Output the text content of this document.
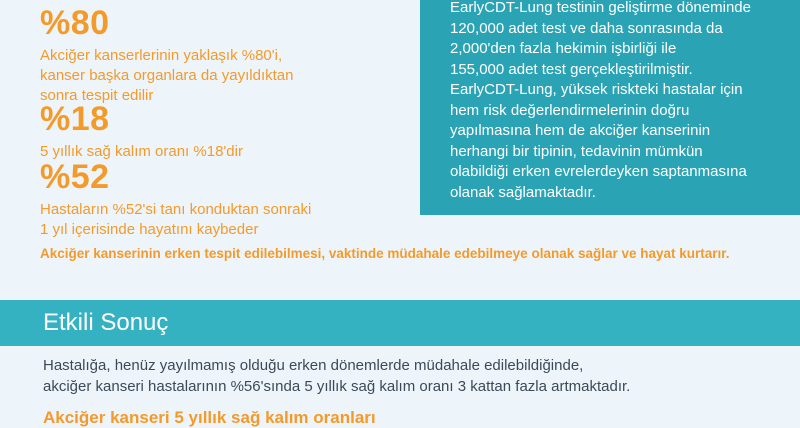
%80
Akciğer kanserlerinin yaklaşık %80'i,
kanser başka organlara da yayıldıktan
sonra tespit edilir
%18
5 yıllık sağ kalım oranı %18'dir
%52
Hastaların %52'si tanı konduktan sonraki
1 yıl içerisinde hayatını kaybeder
EarlyCDT-Lung testinin geliştirme döneminde
120,000 adet test ve daha sonrasında da
2,000'den fazla hekimin işbirliği ile
155,000 adet test gerçekleştirilmiştir.
EarlyCDT-Lung, yüksek riskteki hastalar için
hem risk değerlendirmelerinin doğru
yapılmasına hem de akciğer kanserinin
herhangi bir tipinin, tedavinin mümkün
olabildiği erken evrelerdeyken saptanmasına
olanak sağlamaktadır.
Akciğer kanserinin erken tespit edilebilmesi, vaktinde müdahale edebilmeye olanak sağlar ve hayat kurtarır.
Etkili Sonuç
Hastalığa, henüz yayılmamış olduğu erken dönemlerde müdahale edilebildiğinde,
akciğer kanseri hastalarının %56'sında 5 yıllık sağ kalım oranı 3 kattan fazla artmaktadır.
Akciğer kanseri 5 yıllık sağ kalım oranları
